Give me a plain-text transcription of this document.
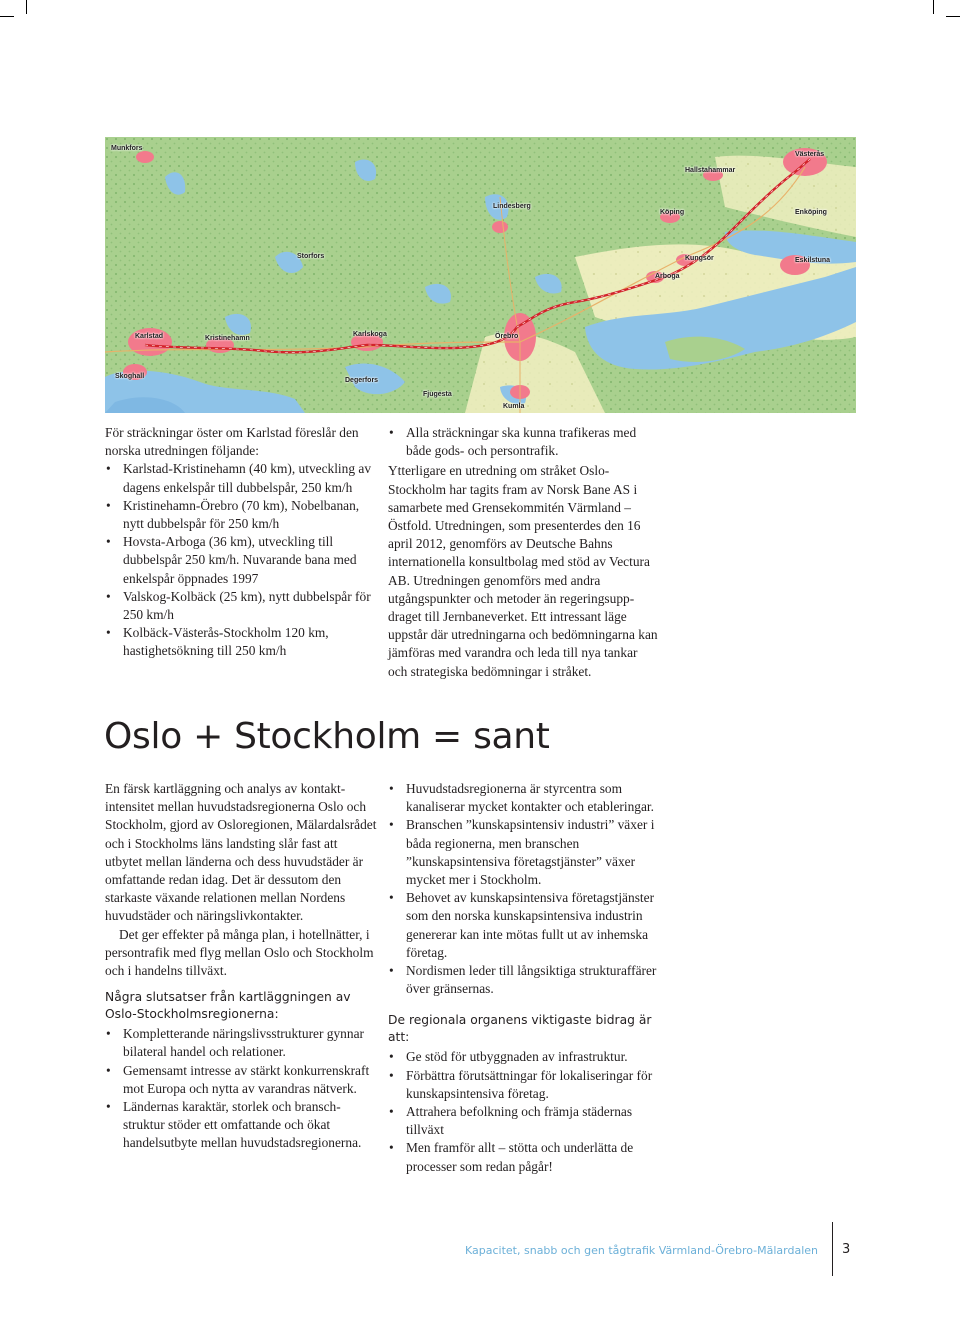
Munkfors
Hallstahammar
Västerås
Lindesberg
Köping	Enköping
Storfors	Kungsör	Eskilstuna
Arboga
Karlstad	Kristinehamn
Karlskoga	Örebro
Skoghall
Degerfors
Fjugesta
Kumla

För sträckningar öster om Karlstad föreslår den norska utredningen följande:

• Karlstad-Kristinehamn (40 km), utveckling av dagens enkelspår till dubbelspår, 250 km/h
• Kristinehamn-Örebro (70 km), Nobelbanan, nytt dubbelspår för 250 km/h
• Hovsta-Arboga (36 km), utveckling till dubbelspår 250 km/h. Nuvarande bana med enkelspår öppnades 1997
• Valskog-Kolbäck (25 km), nytt dubbelspår för 250 km/h
• Kolbäck-Västerås-Stockholm 120 km, hastighetsökning till 250 km/h
• Alla sträckningar ska kunna trafikeras med både gods- och persontrafik.

Ytterligare en utredning om stråket Oslo-Stockholm har tagits fram av Norsk Bane AS i samarbete med Grensekommitén Värmland – Östfold. Utredningen, som presenterdes den 16 april 2012, genomförs av Deutsche Bahns internationella konsultbolag med stöd av Vectura AB. Utredningen genomförs med andra utgångspunkter och metoder än regeringsuppdraget till Jernbaneverket. Ett intressant läge uppstår där utredningarna och bedömningarna kan jämföras med varandra och leda till nya tankar och strategiska bedömningar i stråket.

Oslo + Stockholm = sant

En färsk kartläggning och analys av kontaktintensitet mellan huvudstadsregionerna Oslo och Stockholm, gjord av Osloregionen, Mälardalsrådet och i Stockholms läns landsting slår fast att utbytet mellan länderna och dess huvudstäder är omfattande redan idag. Det är dessutom den starkaste växande relationen mellan Nordens huvudstäder och näringslivkontakter.

Det ger effekter på många plan, i hotellnätter, i persontrafik med flyg mellan Oslo och Stockholm och i handelns tillväxt.

Några slutsatser från kartläggningen av Oslo-Stockholmsregionerna:
• Kompletterande näringslivsstrukturer gynnar bilateral handel och relationer.
• Gemensamt intresse av stärkt konkurrenskraft mot Europa och nytta av varandras nätverk.
• Ländernas karaktär, storlek och branschstruktur stöder ett omfattande och ökat handelsutbyte mellan huvudstadsregionerna.
• Huvudstadsregionerna är styrcentra som kanaliserar mycket kontakter och etableringar.
• Branschen ”kunskapsintensiv industri” växer i båda regionerna, men branschen ”kunskapsintensiva företagstjänster” växer mycket mer i Stockholm.
• Behovet av kunskapsintensiva företagstjänster som den norska kunskapsintensiva industrin genererar kan inte mötas fullt ut av inhemska företag.
• Nordismen leder till långsiktiga strukturaffärer över gränsernas.
De regionala organens viktigaste bidrag är att:
• Ge stöd för utbyggnaden av infrastruktur.
• Förbättra förutsättningar för lokaliseringar för kunskapsintensiva företag.
• Attrahera befolkning och främja städernas tillväxt
• Men framför allt – stötta och underlätta de processer som redan pågår!
Kapacitet, snabb och gen tågtrafik Värmland-Örebro-Mälardalen 3
